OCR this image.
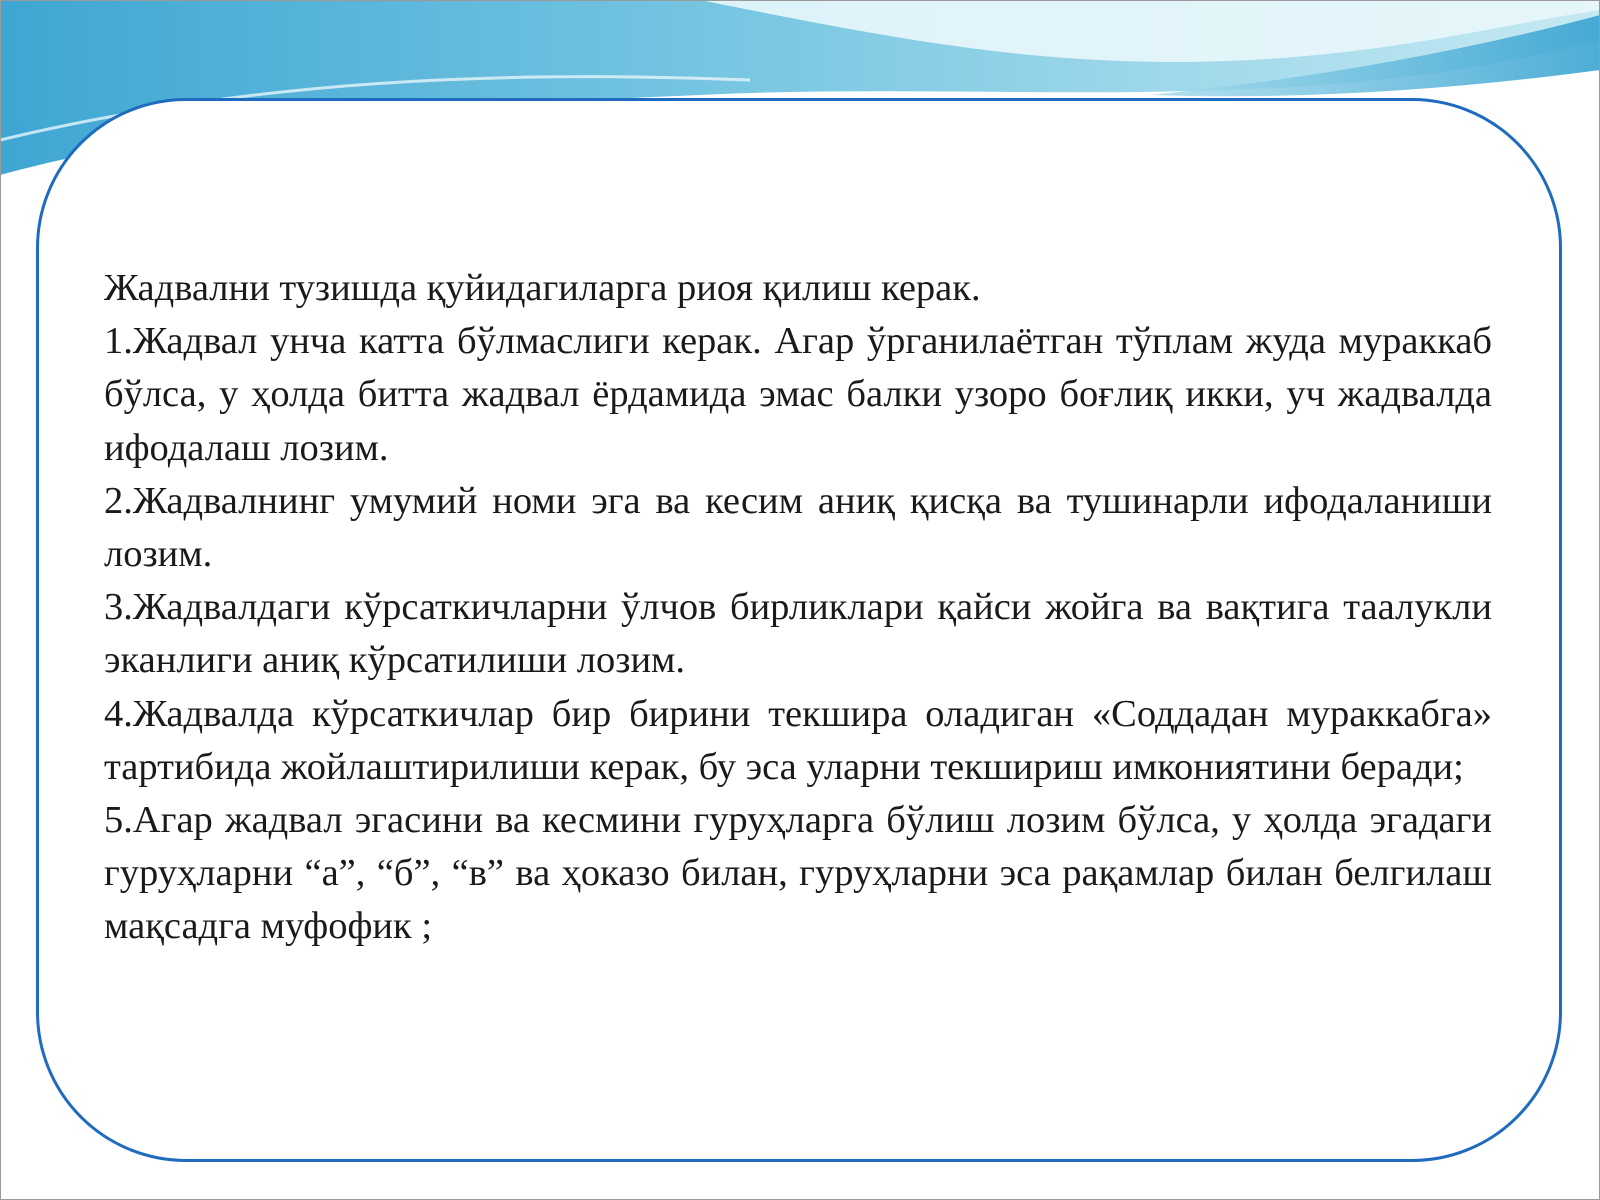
Жадвални тузишда қуйидагиларга риоя қилиш керак.

1.Жадвал унча катта бўлмаслиги керак. Агар ўрганилаётган тўплам жуда мураккаб бўлса, у ҳолда битта жадвал ёрдамида эмас балки узоро боғлиқ икки, уч жадвалда ифодалаш лозим.

2.Жадвалнинг умумий номи эга ва кесим аниқ қисқа ва тушинарли ифодаланиши лозим.

3.Жадвалдаги кўрсаткичларни ўлчов бирликлари қайси жойга ва вақтига таалукли эканлиги аниқ кўрсатилиши лозим.

4.Жадвалда кўрсаткичлар бир бирини текшира оладиган «Соддадан мураккабга» тартибида жойлаштирилиши керак, бу эса уларни текшириш имкониятини беради;

5.Агар жадвал эгасини ва кесмини гуруҳларга бўлиш лозим бўлса, у ҳолда эгадаги гуруҳларни “а”, “б”, “в” ва ҳоказо билан, гуруҳларни эса рақамлар билан белгилаш мақсадга муфофик ;
